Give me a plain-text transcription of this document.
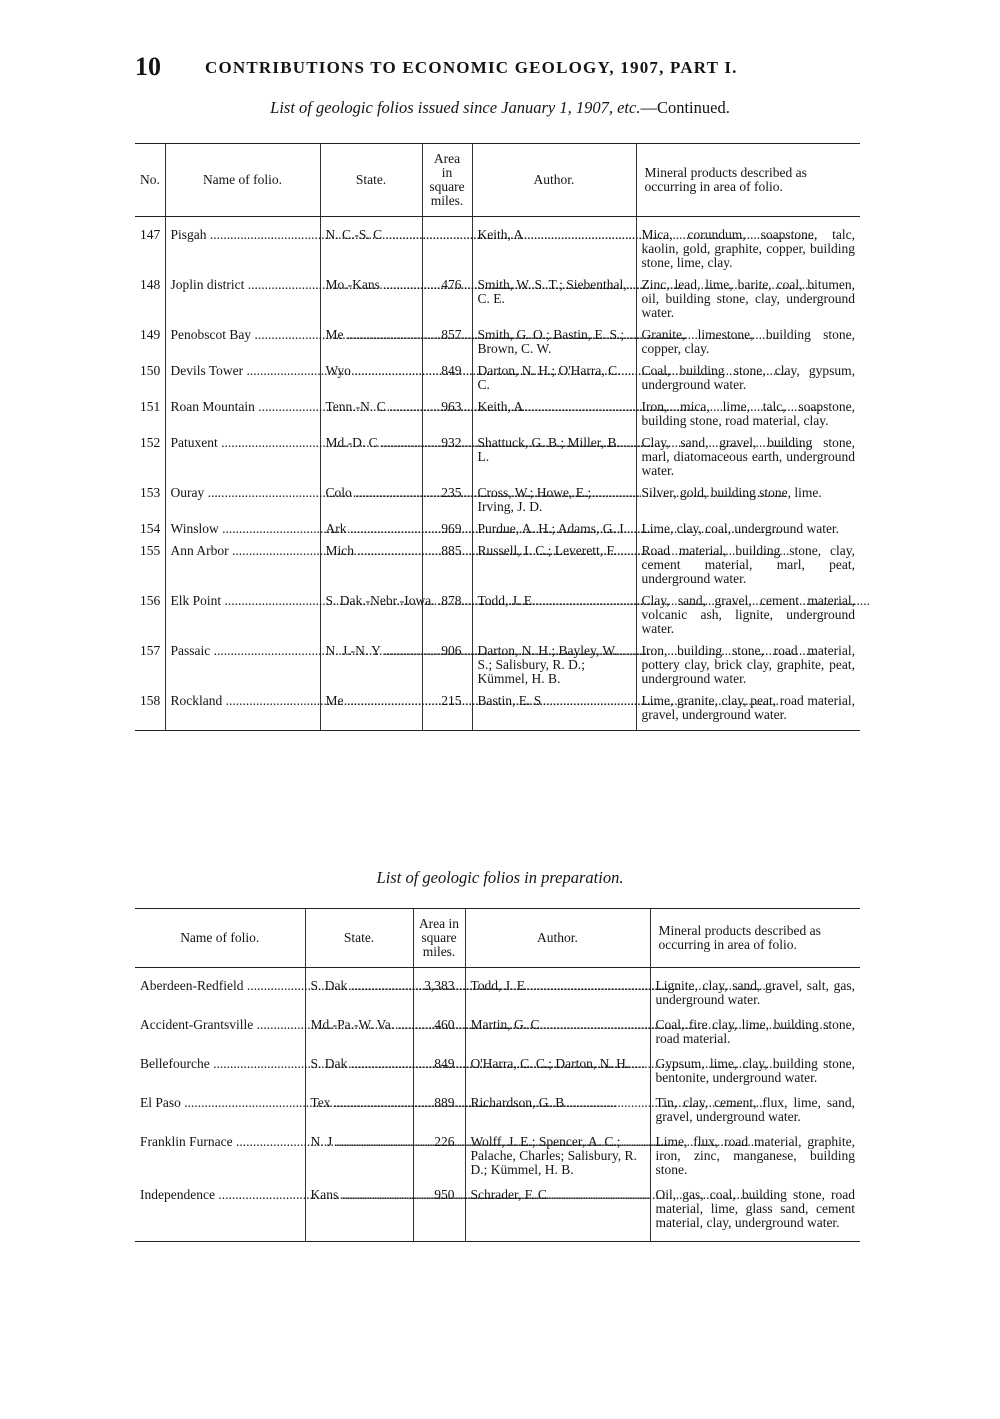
10	CONTRIBUTIONS TO ECONOMIC GEOLOGY, 1907, PART I.
List of geologic folios issued since January 1, 1907, etc.—Continued.
No.	Name of folio.	State.	Area in square miles.	Author.	Mineral products described as occurring in area of folio.

147	Pisgah .....	N. C.-S. C .....		Keith, A	Mica, corundum, soapstone, talc, kaolin, gold, graphite, copper, building stone, lime, clay.
148	Joplin district .....	Mo.-Kans .....	476	Smith, W. S. T.; Siebenthal, C. E.	Zinc, lead, lime, barite, coal, bitumen, oil, building stone, clay, underground water.
149	Penobscot Bay .....	Me .....	857	Smith, G. O.; Bastin, E. S.; Brown, C. W.	Granite, limestone, building stone, copper, clay.
150	Devils Tower .....	Wyo .....	849	Darton, N. H.; O'Harra, C. C.	Coal, building stone, clay, gypsum, underground water.
151	Roan Mountain .....	Tenn.-N. C .....	963	Keith, A	Iron, mica, lime, talc, soapstone, building stone, road material, clay.
152	Patuxent .....	Md.-D. C .....	932	Shattuck, G. B.; Miller, B. L.	Clay, sand, gravel, building stone, marl, diatomaceous earth, underground water.
153	Ouray .....	Colo .....	235	Cross, W.; Howe, E.; Irving, J. D.	Silver, gold, building stone, lime.
154	Winslow .....	Ark .....	969	Purdue, A. H.; Adams, G. I.	Lime, clay, coal, underground water.
155	Ann Arbor .....	Mich .....	885	Russell, I. C.; Leverett, F.	Road material, building stone, clay, cement material, marl, peat, underground water.
156	Elk Point .....	S. Dak.-Nebr.-Iowa. .....	878	Todd, J. E	Clay, sand, gravel, cement material, volcanic ash, lignite, underground water.
157	Passaic .....	N. J.-N. Y .....	906	Darton, N. H.; Bayley, W. S.; Salisbury, R. D.; Kümmel, H. B.	Iron, building stone, road material, pottery clay, brick clay, graphite, peat, underground water.
158	Rockland .....	Me .....	215	Bastin, E. S	Lime, granite, clay, peat, road material, gravel, underground water.
List of geologic folios in preparation.
Name of folio.	State.	Area in square miles.	Author.	Mineral products described as occurring in area of folio.

Aberdeen-Redfield .....	S. Dak .....	3,383	Todd, J. E	Lignite, clay, sand, gravel, salt, gas, underground water.

Accident-Grantsville .....	Md.-Pa.-W. Va. .....	460	Martin, G. C	Coal, fire clay, lime, building stone, road material.

Bellefourche .....	S. Dak .....	849	O'Harra, C. C.; Darton, N. H.	Gypsum, lime, clay, building stone, bentonite, underground water.

El Paso .....	Tex .....	889	Richardson, G. B	Tin, clay, cement, flux, lime, sand, gravel, underground water.

Franklin Furnace .....	N. J .....	226	Wolff, J. E.; Spencer, A. C.; Palache, Charles; Salisbury, R. D.; Kümmel, H. B.	Lime, flux, road material, graphite, iron, zinc, manganese, building stone.

Independence .....	Kans .....	950	Schrader, F. C	Oil, gas, coal, building stone, road material, lime, glass sand, cement material, clay, underground water.
